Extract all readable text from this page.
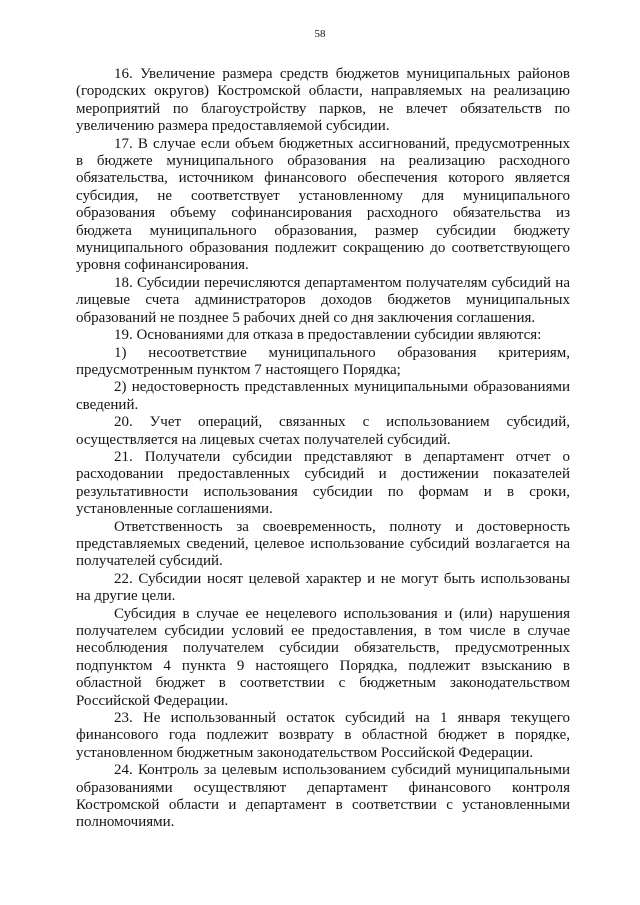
58

16. Увеличение размера средств бюджетов муниципальных районов (городских округов) Костромской области, направляемых на реализацию мероприятий по благоустройству парков, не влечет обязательств по увеличению размера предоставляемой субсидии.

17. В случае если объем бюджетных ассигнований, предусмотренных в бюджете муниципального образования на реализацию расходного обязательства, источником финансового обеспечения которого является субсидия, не соответствует установленному для муниципального образования объему софинансирования расходного обязательства из бюджета муниципального образования, размер субсидии бюджету муниципального образования подлежит сокращению до соответствующего уровня софинансирования.

18. Субсидии перечисляются департаментом получателям субсидий на лицевые счета администраторов доходов бюджетов муниципальных образований не позднее 5 рабочих дней со дня заключения соглашения.

19. Основаниями для отказа в предоставлении субсидии являются:

1) несоответствие муниципального образования критериям, предусмотренным пунктом 7 настоящего Порядка;

2) недостоверность представленных муниципальными образованиями сведений.

20. Учет операций, связанных с использованием субсидий, осуществляется на лицевых счетах получателей субсидий.

21. Получатели субсидии представляют в департамент отчет о расходовании предоставленных субсидий и достижении показателей результативности использования субсидии по формам и в сроки, установленные соглашениями.

Ответственность за своевременность, полноту и достоверность представляемых сведений, целевое использование субсидий возлагается на получателей субсидий.

22. Субсидии носят целевой характер и не могут быть использованы на другие цели.

Субсидия в случае ее нецелевого использования и (или) нарушения получателем субсидии условий ее предоставления, в том числе в случае несоблюдения получателем субсидии обязательств, предусмотренных подпунктом 4 пункта 9 настоящего Порядка, подлежит взысканию в областной бюджет в соответствии с бюджетным законодательством Российской Федерации.

23. Не использованный остаток субсидий на 1 января текущего финансового года подлежит возврату в областной бюджет в порядке, установленном бюджетным законодательством Российской Федерации.

24. Контроль за целевым использованием субсидий муниципальными образованиями осуществляют департамент финансового контроля Костромской области и департамент в соответствии с установленными полномочиями.
